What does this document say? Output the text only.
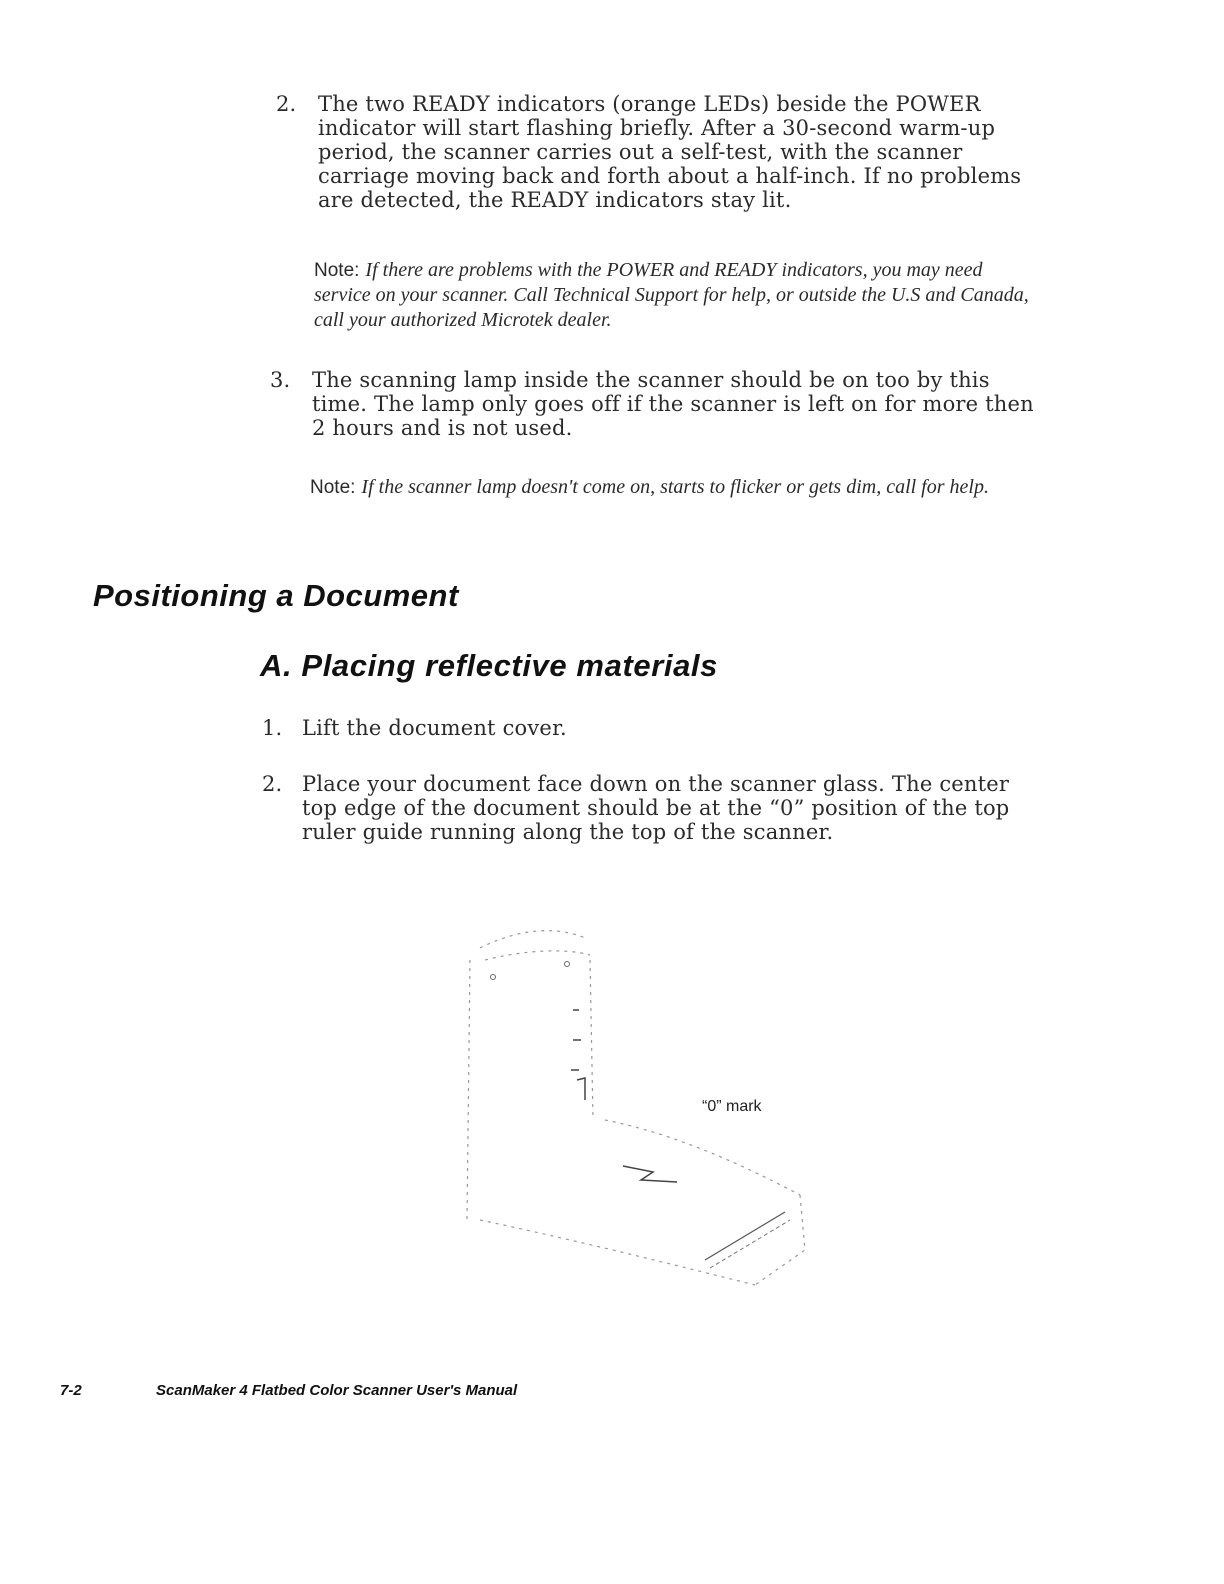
2. The two READY indicators (orange LEDs) beside the POWER indicator will start flashing briefly. After a 30-second warm-up period, the scanner carries out a self-test, with the scanner carriage moving back and forth about a half-inch. If no problems are detected, the READY indicators stay lit.
Note: If there are problems with the POWER and READY indicators, you may need service on your scanner. Call Technical Support for help, or outside the U.S and Canada, call your authorized Microtek dealer.
3. The scanning lamp inside the scanner should be on too by this time. The lamp only goes off if the scanner is left on for more then 2 hours and is not used.
Note: If the scanner lamp doesn't come on, starts to flicker or gets dim, call for help.
Positioning a Document
A. Placing reflective materials
1. Lift the document cover.
2. Place your document face down on the scanner glass. The center top edge of the document should be at the “0” position of the top ruler guide running along the top of the scanner.
“0” mark
7-2	ScanMaker 4 Flatbed Color Scanner User's Manual
